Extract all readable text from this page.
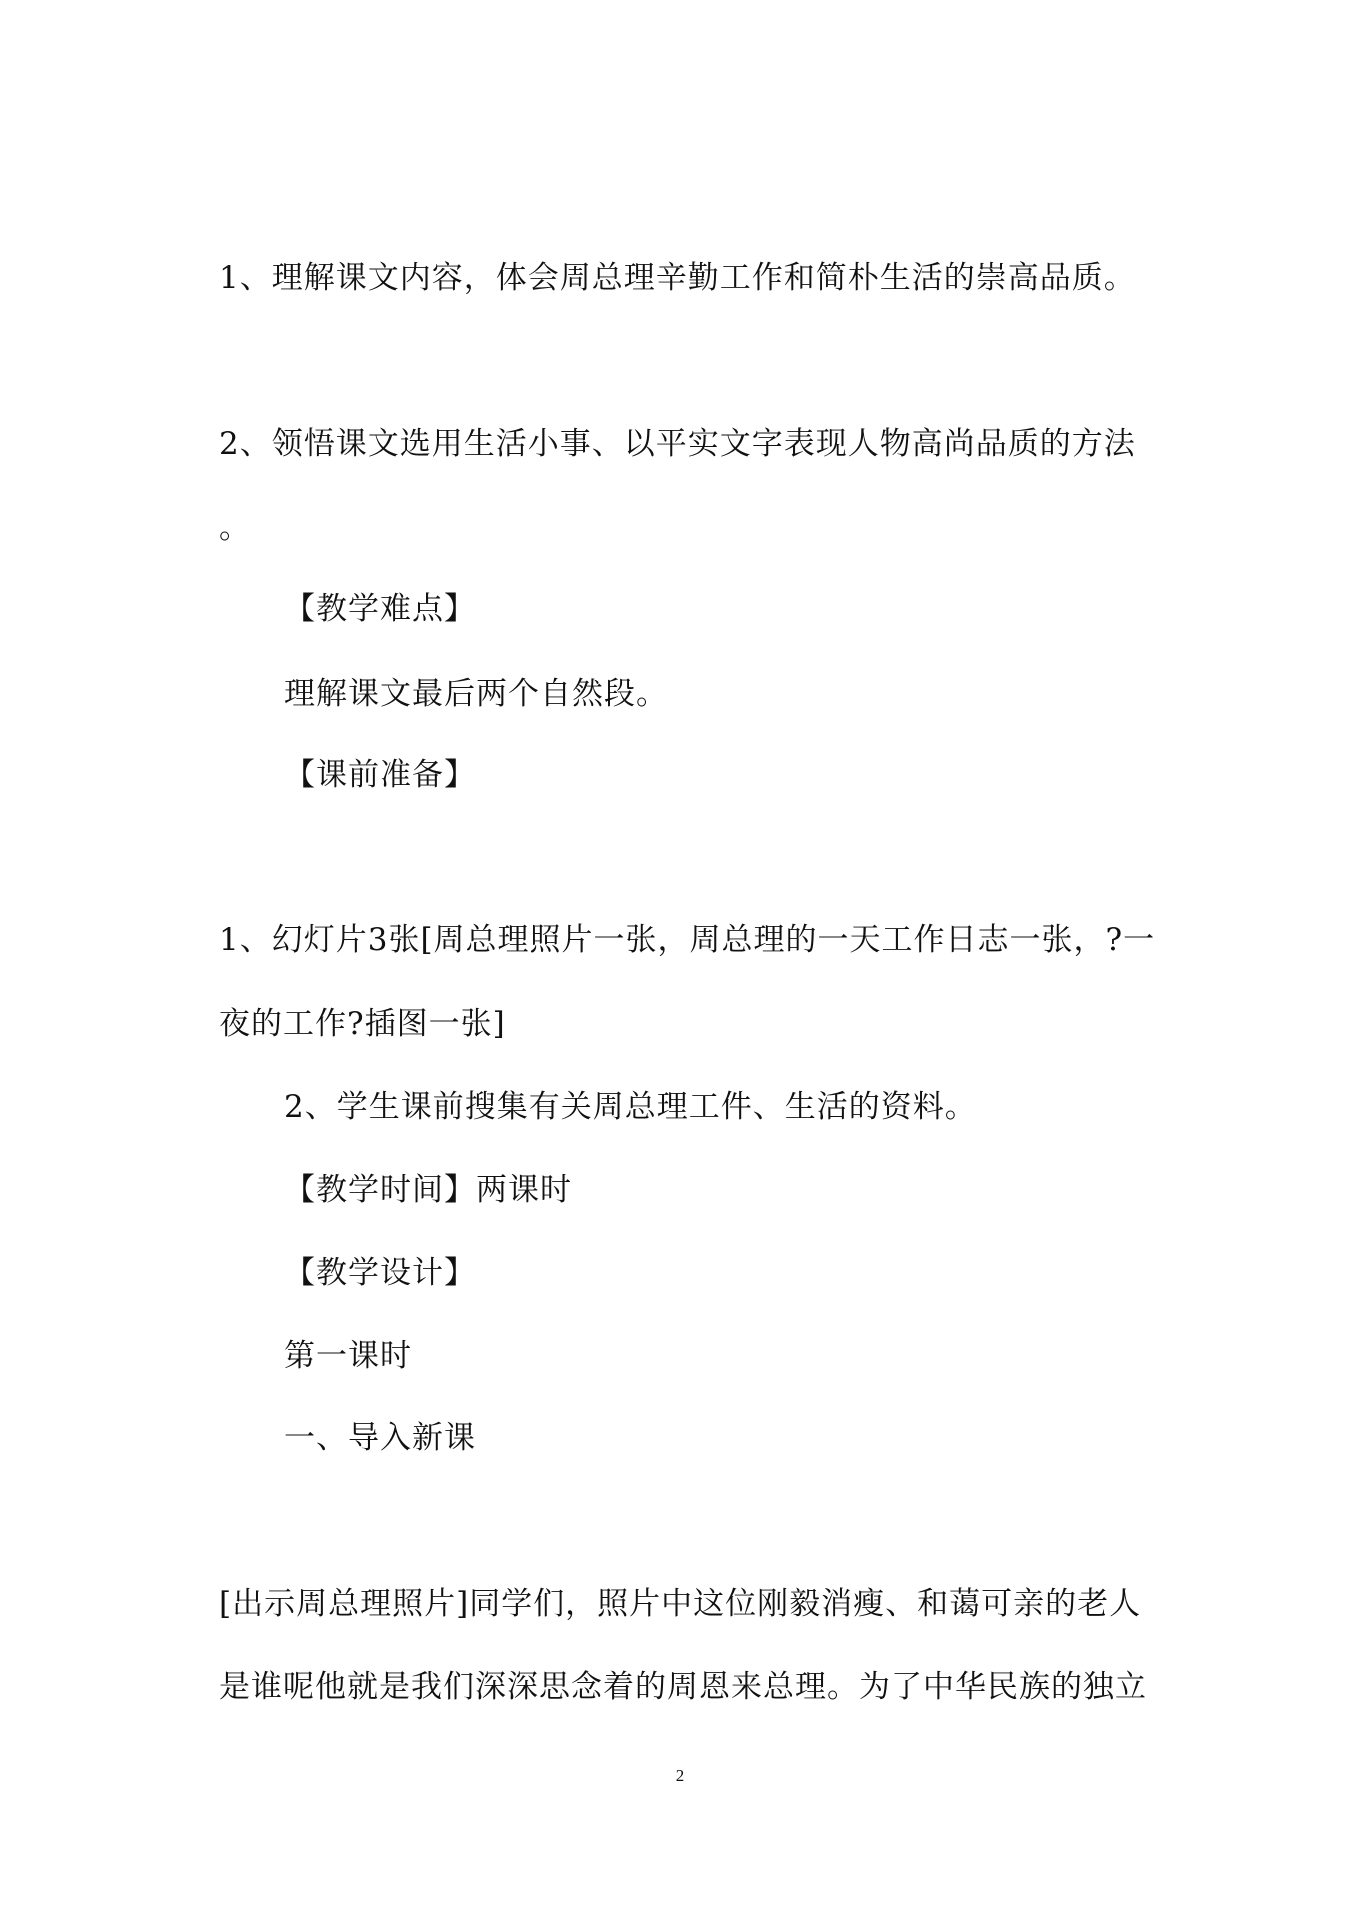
1、理解课文内容，体会周总理辛勤工作和简朴生活的崇高品质。
2、领悟课文选用生活小事、以平实文字表现人物高尚品质的方法
。
【教学难点】
理解课文最后两个自然段。
【课前准备】
1、幻灯片3张[周总理照片一张，周总理的一天工作日志一张，?一
夜的工作?插图一张]
2、学生课前搜集有关周总理工件、生活的资料。
【教学时间】两课时
【教学设计】
第一课时
一、导入新课
[出示周总理照片]同学们，照片中这位刚毅消瘦、和蔼可亲的老人
是谁呢他就是我们深深思念着的周恩来总理。为了中华民族的独立
2
